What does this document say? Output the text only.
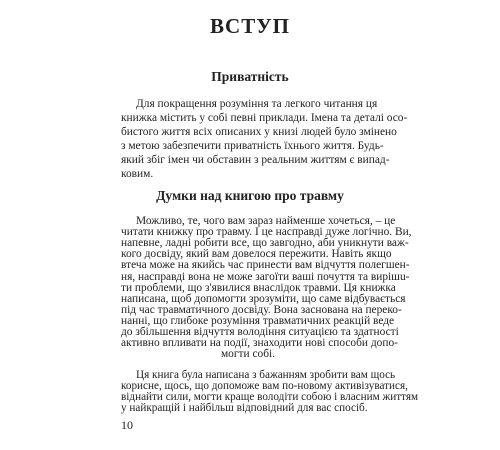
ВСТУП
Приватність
Для покращення розуміння та легкого читання ця
книжка містить у собі певні приклади. Імена та деталі осо-
бистого життя всіх описаних у книзі людей було змінено
з метою забезпечити приватність їхнього життя. Будь-
який збіг імен чи обставин з реальним життям є випад-
ковим.
Думки над книгою про травму
Можливо, те, чого вам зараз найменше хочеться, – це
читати книжку про травму. І це насправді дуже логічно. Ви,
напевне, ладні робити все, що завгодно, аби уникнути важ-
кого досвіду, який вам довелося пережити. Навіть якщо
втеча може на якийсь час принести вам відчуття полегшен-
ня, насправді вона не може загоїти ваші почуття та вирішu-
ти проблеми, що з'явилися внаслідок травми. Ця книжка
написана, щоб допомогти зрозуміти, що саме відбувається
під час травматичного досвіду. Вона заснована на переко-
нанні, що глибоке розуміння травматичних реакцій веде
до збільшення відчуття володіння ситуацією та здатності
активно впливати на події, знаходити нові способи допо-
могти собі.
Ця книга була написана з бажанням зробити вам щось
корисне, щось, що допоможе вам по-новому активізуватися,
віднайти сили, могти краще володіти собою і власним життям
у найкращій і найбільш відповідний для вас спосіб.
10
